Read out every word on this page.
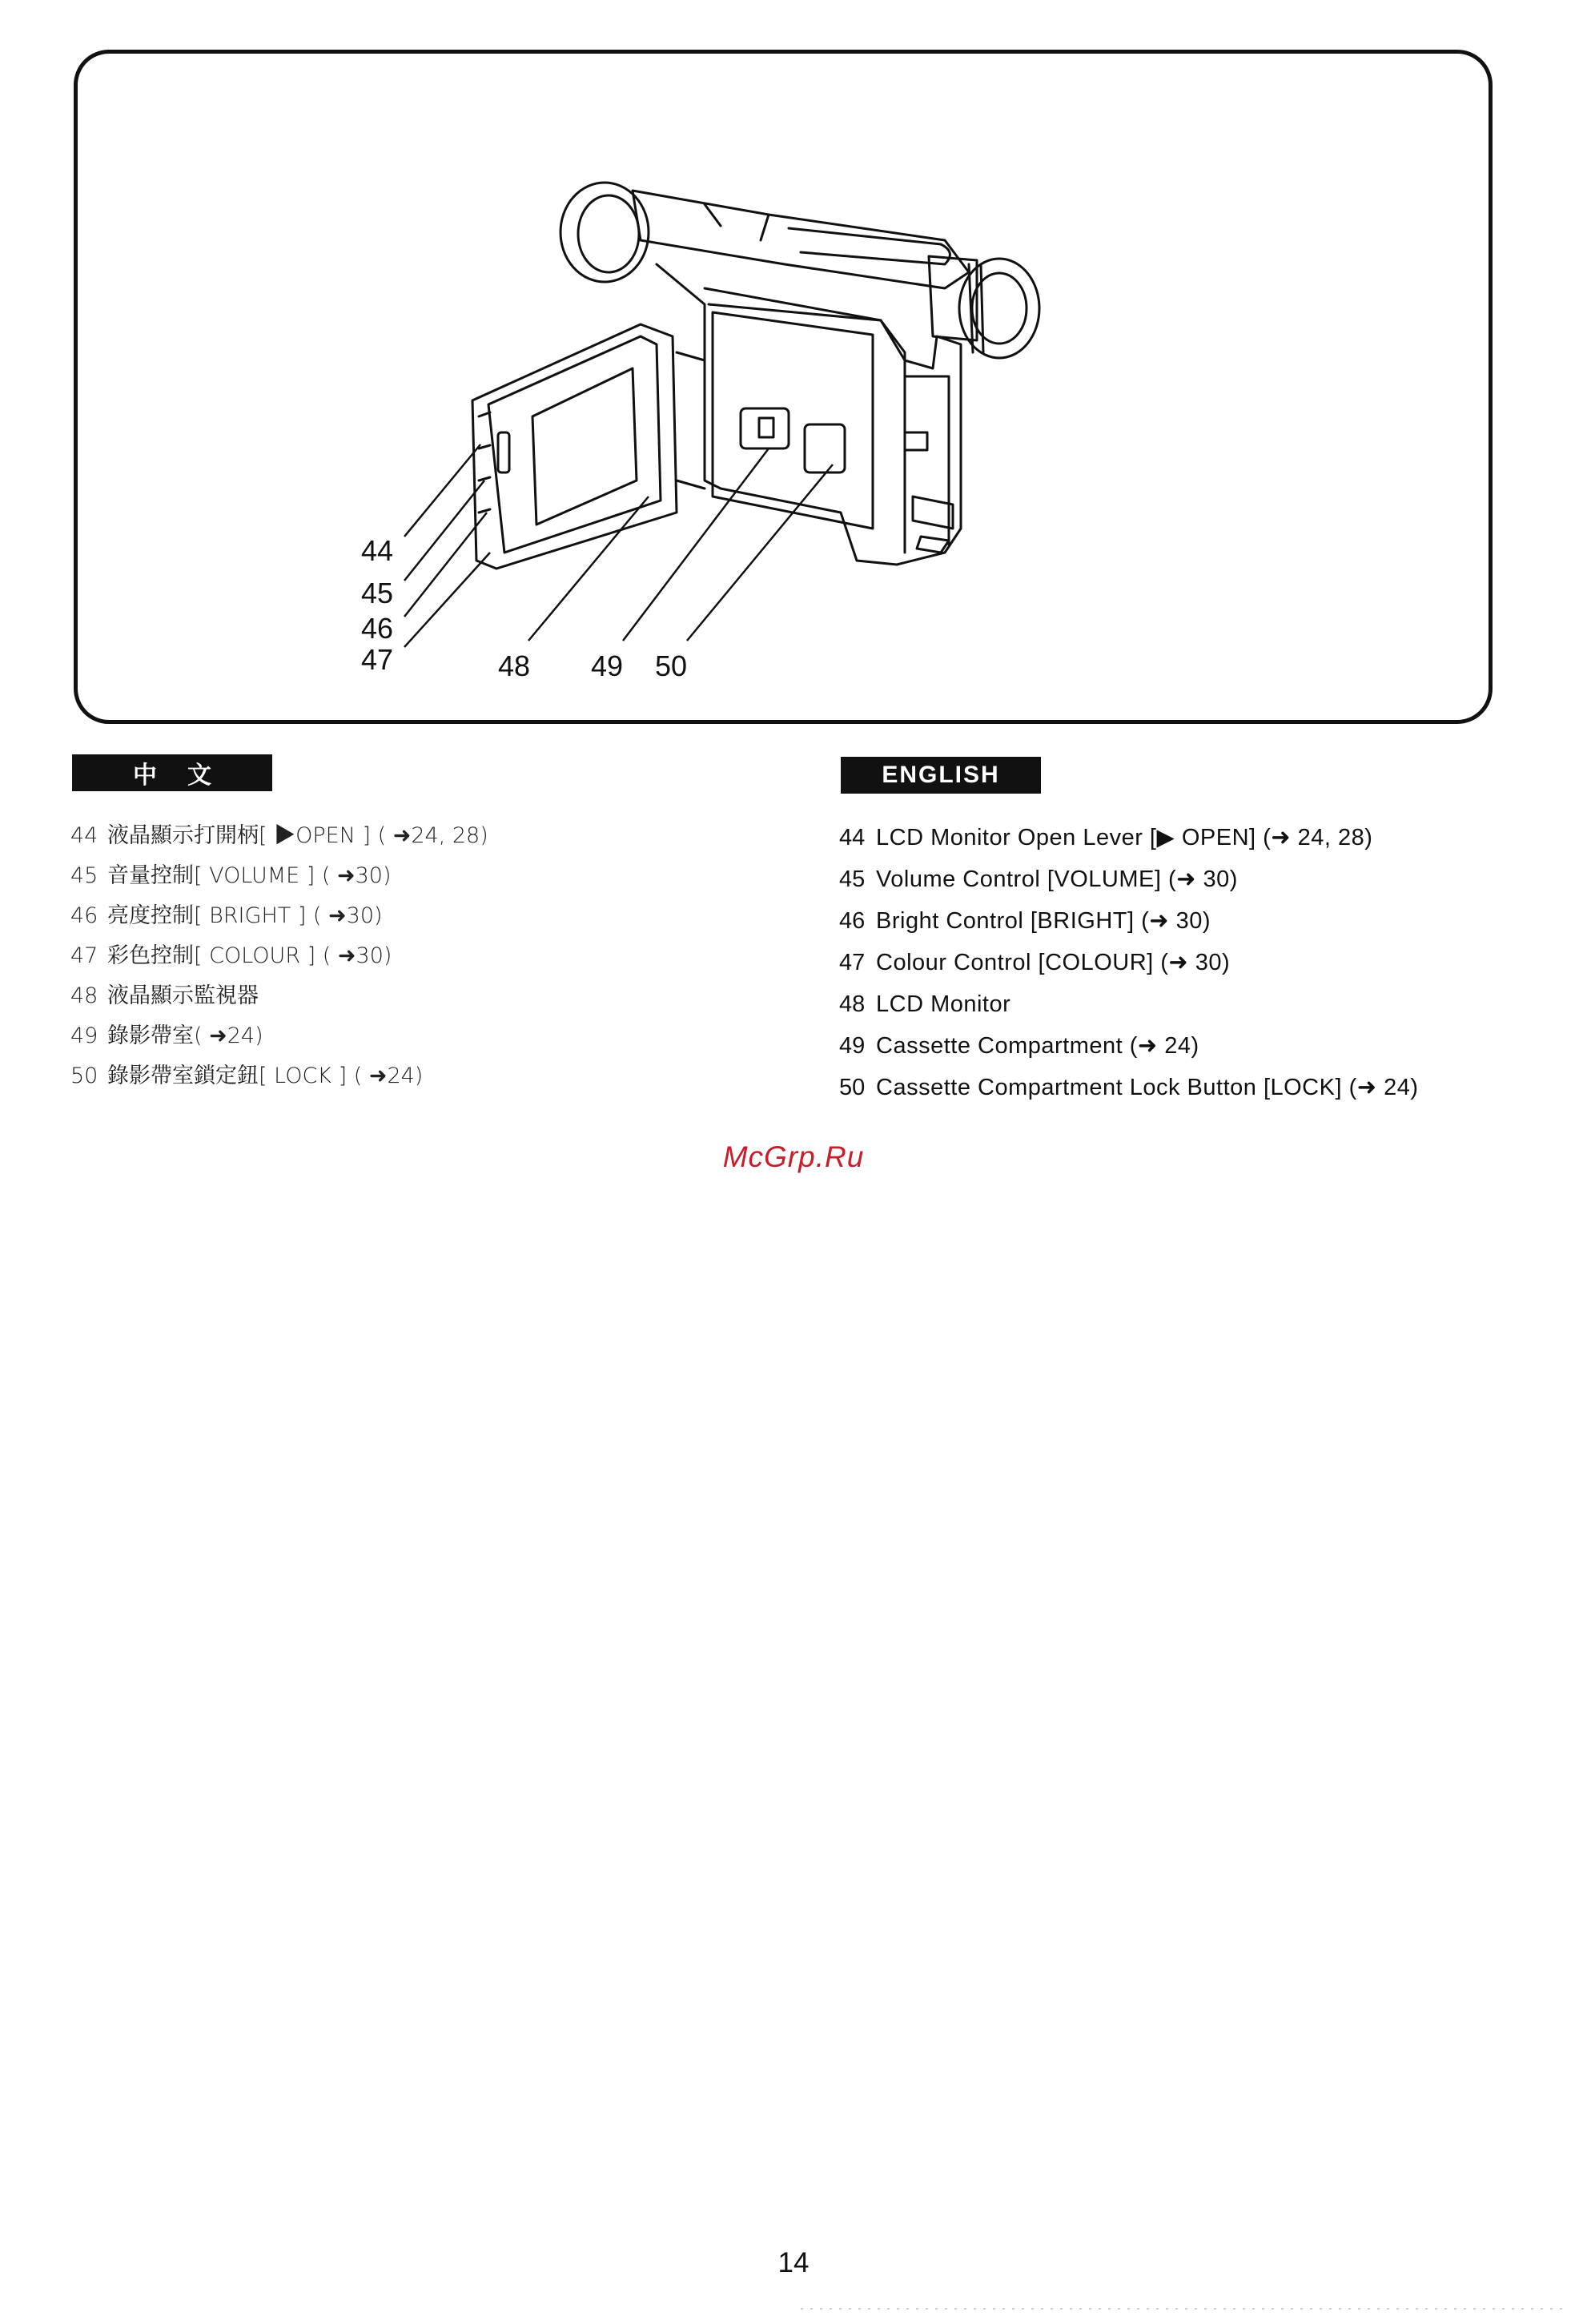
44
45
46
47	48 49 50
中文
44 液晶顯示打開柄[ ▶OPEN ] ( ➜24, 28)
45 音量控制[ VOLUME ] ( ➜30)
46 亮度控制[ BRIGHT ] ( ➜30)
47 彩色控制[ COLOUR ] ( ➜30)
48 液晶顯示監視器
49 錄影帶室( ➜24)
50 錄影帶室鎖定鈕[ LOCK ] ( ➜24)
ENGLISH
44 LCD Monitor Open Lever [▶ OPEN] (➜ 24, 28)
45 Volume Control [VOLUME] (➜ 30)
46 Bright Control [BRIGHT] (➜ 30)
47 Colour Control [COLOUR] (➜ 30)
48 LCD Monitor
49 Cassette Compartment (➜ 24)
50 Cassette Compartment Lock Button [LOCK] (➜ 24)
McGrp.Ru
14
